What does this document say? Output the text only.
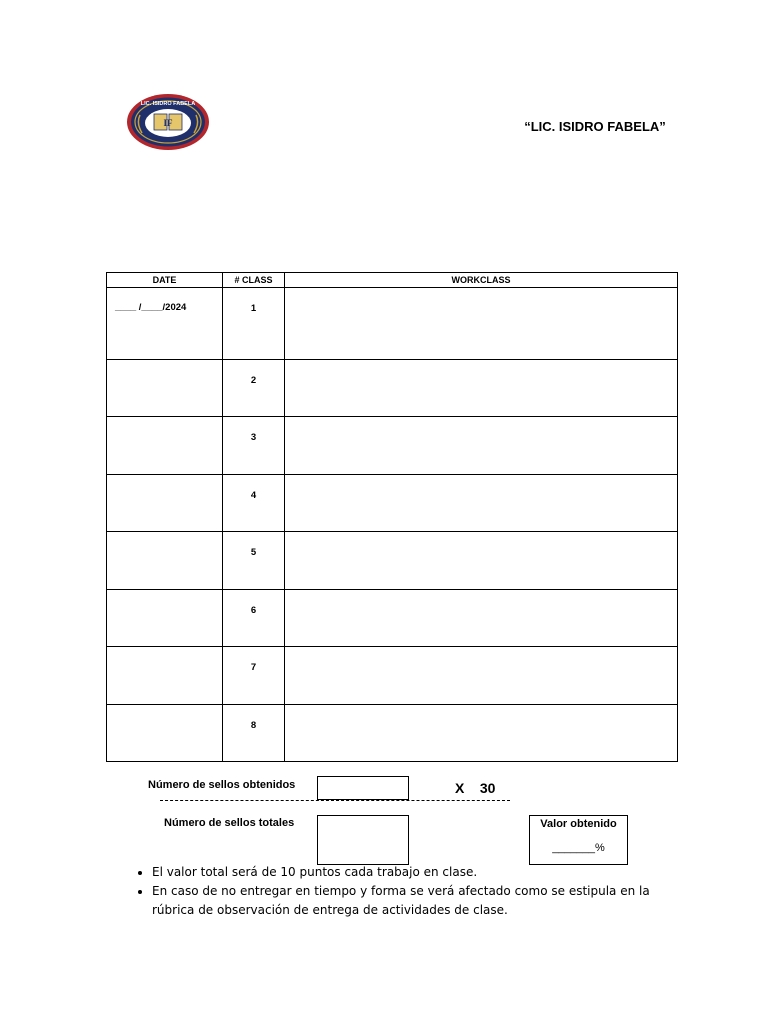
IF
LIC. ISIDRO FABELA
“LIC. ISIDRO FABELA”
DATE	# CLASS	WORKCLASS
____ /____/2024	1	

	2	

	3	

	4	

	5	

	6	

	7	

	8	

Número de sellos obtenidos	X    30
Número de sellos totales	Valor obtenido
_______%
• El valor total será de 10 puntos cada trabajo en clase.
• En caso de no entregar en tiempo y forma se verá afectado como se estipula en la rúbrica de observación de entrega de actividades de clase.
